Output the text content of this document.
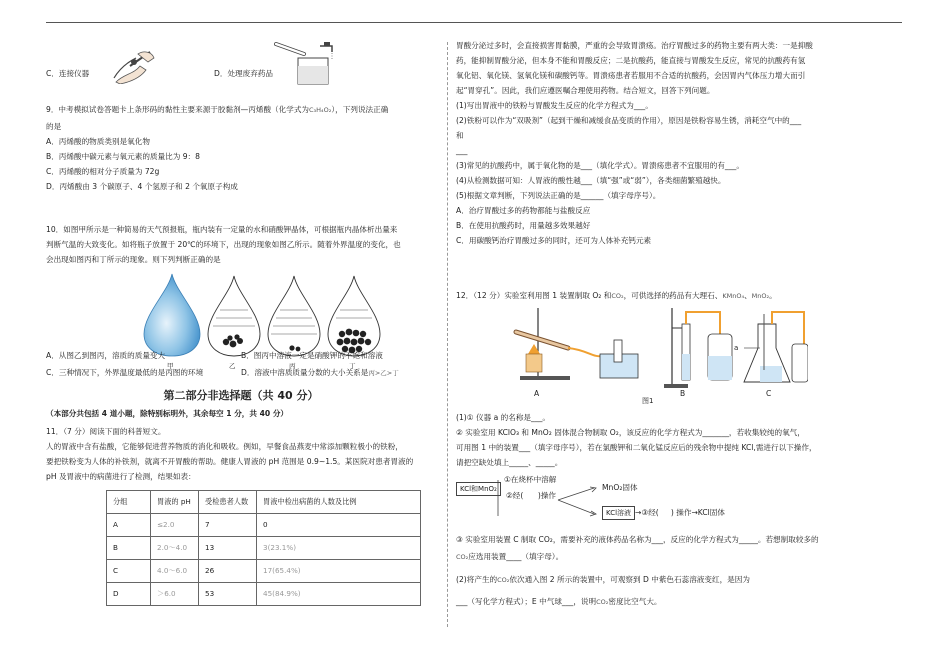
C．连接仪器	D．处理废弃药品

9．中考模拟试卷答题卡上条形码的黏性主要来源于胶黏剂—丙烯酸（化学式为C₃H₄O₂），下列说法正确

的是

A．丙烯酸的物质类别是氧化物

B．丙烯酸中碳元素与氧元素的质量比为 9：8

C．丙烯酸的相对分子质量为 72g

D．丙烯酸由 3 个碳原子、4 个氢原子和 2 个氧原子构成

10．如图甲所示是一种简易的天气预报瓶，瓶内装有一定量的水和硝酸钾晶体，可根据瓶内晶体析出量来

判断气温的大致变化。如将瓶子放置于 20℃的环境下，出现的现象如图乙所示。随着外界温度的变化，也

会出现如图丙和丁所示的现象。则下列判断正确的是

甲	乙	丙	丁
A．从图乙到图丙，溶质的质量变大	B．图丙中溶液一定是硝酸钾的不饱和溶液
C．三种情况下，外界温度最低的是丙图的环境	D．溶液中溶质质量分数的大小关系是丙>乙>丁

第二部分非选择题（共 40 分）

（本部分共包括 4 道小题，除特别标明外，其余每空 1 分，共 40 分）

11．（7 分）阅读下面的科普短文。

人的胃液中含有盐酸，它能够促进营养物质的消化和吸收。例如，早餐食品燕麦中常添加颗粒极小的铁粉，

要把铁粉变为人体的补铁剂，就离不开胃酸的帮助。健康人胃液的 pH 范围是 0.9~1.5。某医院对患者胃液的

pH 及胃液中的病菌进行了检测，结果如表：

分组	胃液的 pH	受检患者人数	胃液中检出病菌的人数及比例
A	≤2.0	7	0
B	2.0～4.0	13	3(23.1%)
C	4.0～6.0	26	17(65.4%)
D	＞6.0	53	45(84.9%)

胃酸分泌过多时，会直接损害胃黏膜，严重的会导致胃溃疡。治疗胃酸过多的药物主要有两大类：一是抑酸

药，能抑制胃酸分泌，但本身不能和胃酸反应；二是抗酸药，能直接与胃酸发生反应，常见的抗酸药有氢

氧化铝、氧化镁、氢氧化镁和碳酸钙等。胃溃疡患者若服用不合适的抗酸药，会因胃内气体压力增大而引

起“胃穿孔”。因此，我们应遵医嘱合理使用药物。结合短文，回答下列问题。

(1)写出胃液中的铁粉与胃酸发生反应的化学方程式为___。

(2)铁粉可以作为“双吸剂”（起到干燥和减缓食品变质的作用），原因是铁粉容易生锈，消耗空气中的___

和

___

(3)常见的抗酸药中，属于氧化物的是___（填化学式）。胃溃疡患者不宜服用的有___。

(4)从检测数据可知：人胃液的酸性越___（填“强”或“弱”），各类细菌繁殖越快。

(5)根据文章判断，下列说法正确的是______（填字母序号）。

A．治疗胃酸过多的药物都能与盐酸反应

B．在使用抗酸药时，用量越多效果越好

C．用碳酸钙治疗胃酸过多的同时，还可为人体补充钙元素

12．（12 分）实验室利用图 1 装置制取 O₂ 和CO₂，可供选择的药品有大理石、KMnO₄、MnO₂。

a
A	B	C
图1

(1)① 仪器 a 的名称是___。

② 实验室用 KClO₃ 和 MnO₂ 固体混合物制取 O₂，该反应的化学方程式为_______，若收集较纯的氧气，

可用图 1 中的装置___（填字母序号），若在氯酸钾和二氧化锰反应后的残余物中提纯 KCl,需进行以下操作，

请把空缺处填上_____、_____。

KCl和MnO₂
①在烧杯中溶解
②经( )操作
MnO₂固体
KCl溶液 →③经( ) 操作→KCl固体

③ 实验室用装置 C 制取 CO₂，需要补充的液体药品名称为___，反应的化学方程式为_____。若想制取较多的

CO₂应选用装置____（填字母）。

(2)将产生的CO₂依次通入图 2 所示的装置中，可观察到 D 中紫色石蕊溶液变红，是因为

___（写化学方程式）；E 中气球___，说明CO₂密度比空气大。
